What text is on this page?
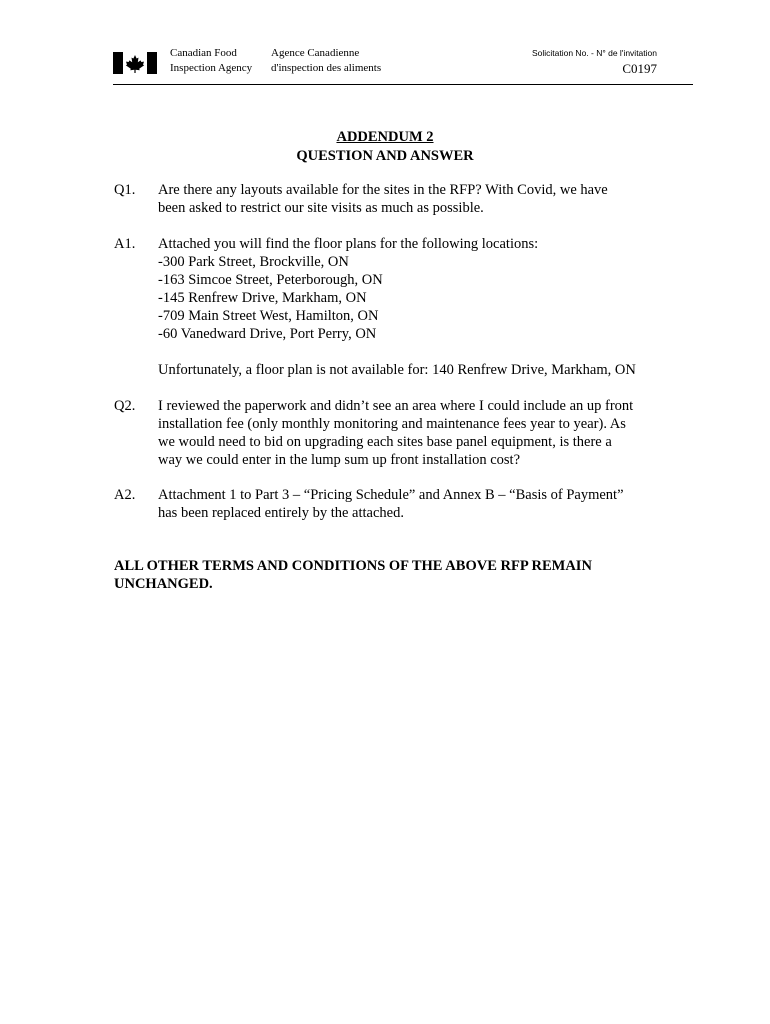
Canadian Food
Inspection Agency
Agence Canadienne
d'inspection des aliments
Solicitation No. - N° de l'invitation
C0197
ADDENDUM 2
QUESTION AND ANSWER
Q1. Are there any layouts available for the sites in the RFP? With Covid, we have
been asked to restrict our site visits as much as possible.
A1. Attached you will find the floor plans for the following locations:
-300 Park Street, Brockville, ON
-163 Simcoe Street, Peterborough, ON
-145 Renfrew Drive, Markham, ON
-709 Main Street West, Hamilton, ON
-60 Vanedward Drive, Port Perry, ON
Unfortunately, a floor plan is not available for: 140 Renfrew Drive, Markham, ON
Q2. I reviewed the paperwork and didn’t see an area where I could include an up front
installation fee (only monthly monitoring and maintenance fees year to year). As
we would need to bid on upgrading each sites base panel equipment, is there a
way we could enter in the lump sum up front installation cost?
A2. Attachment 1 to Part 3 – “Pricing Schedule” and Annex B – “Basis of Payment”
has been replaced entirely by the attached.
ALL OTHER TERMS AND CONDITIONS OF THE ABOVE RFP REMAIN
UNCHANGED.
